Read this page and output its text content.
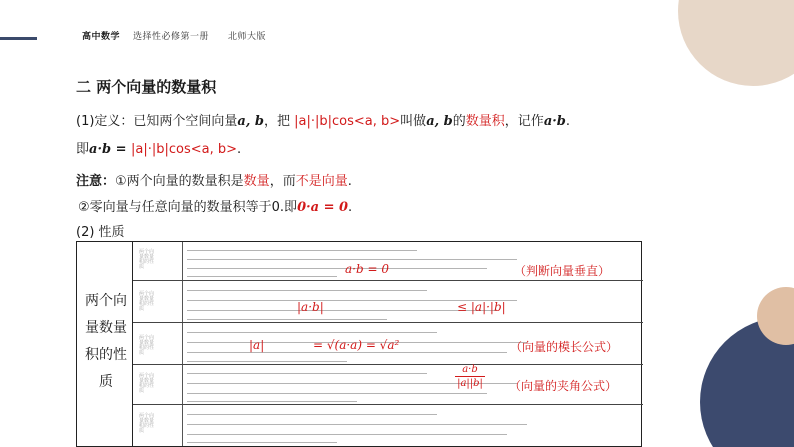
高中数学 选择性必修第一册 北师大版
二 两个向量的数量积
(1)定义：已知两个空间向量a, b，把 |a|·|b|cos<a, b>叫做a, b的数量积，记作a·b.
即a·b = |a|·|b|cos<a, b>.
注意：①两个向量的数量积是数量，而不是向量.
②零向量与任意向量的数量积等于0.即0·a = 0.
(2) 性质
两个向量数量积的性质
两个向
量数量
积的性
质
两个向
量数量
积的性
质
两个向
量数量
积的性
质
两个向
量数量
积的性
质
两个向
量数量
积的性
质
a·b = 0	（判断向量垂直）
|a·b|	≤ |a|·|b|
|a|	= √(a·a) = √a²	（向量的模长公式）
a·b
|a||b| （向量的夹角公式）
